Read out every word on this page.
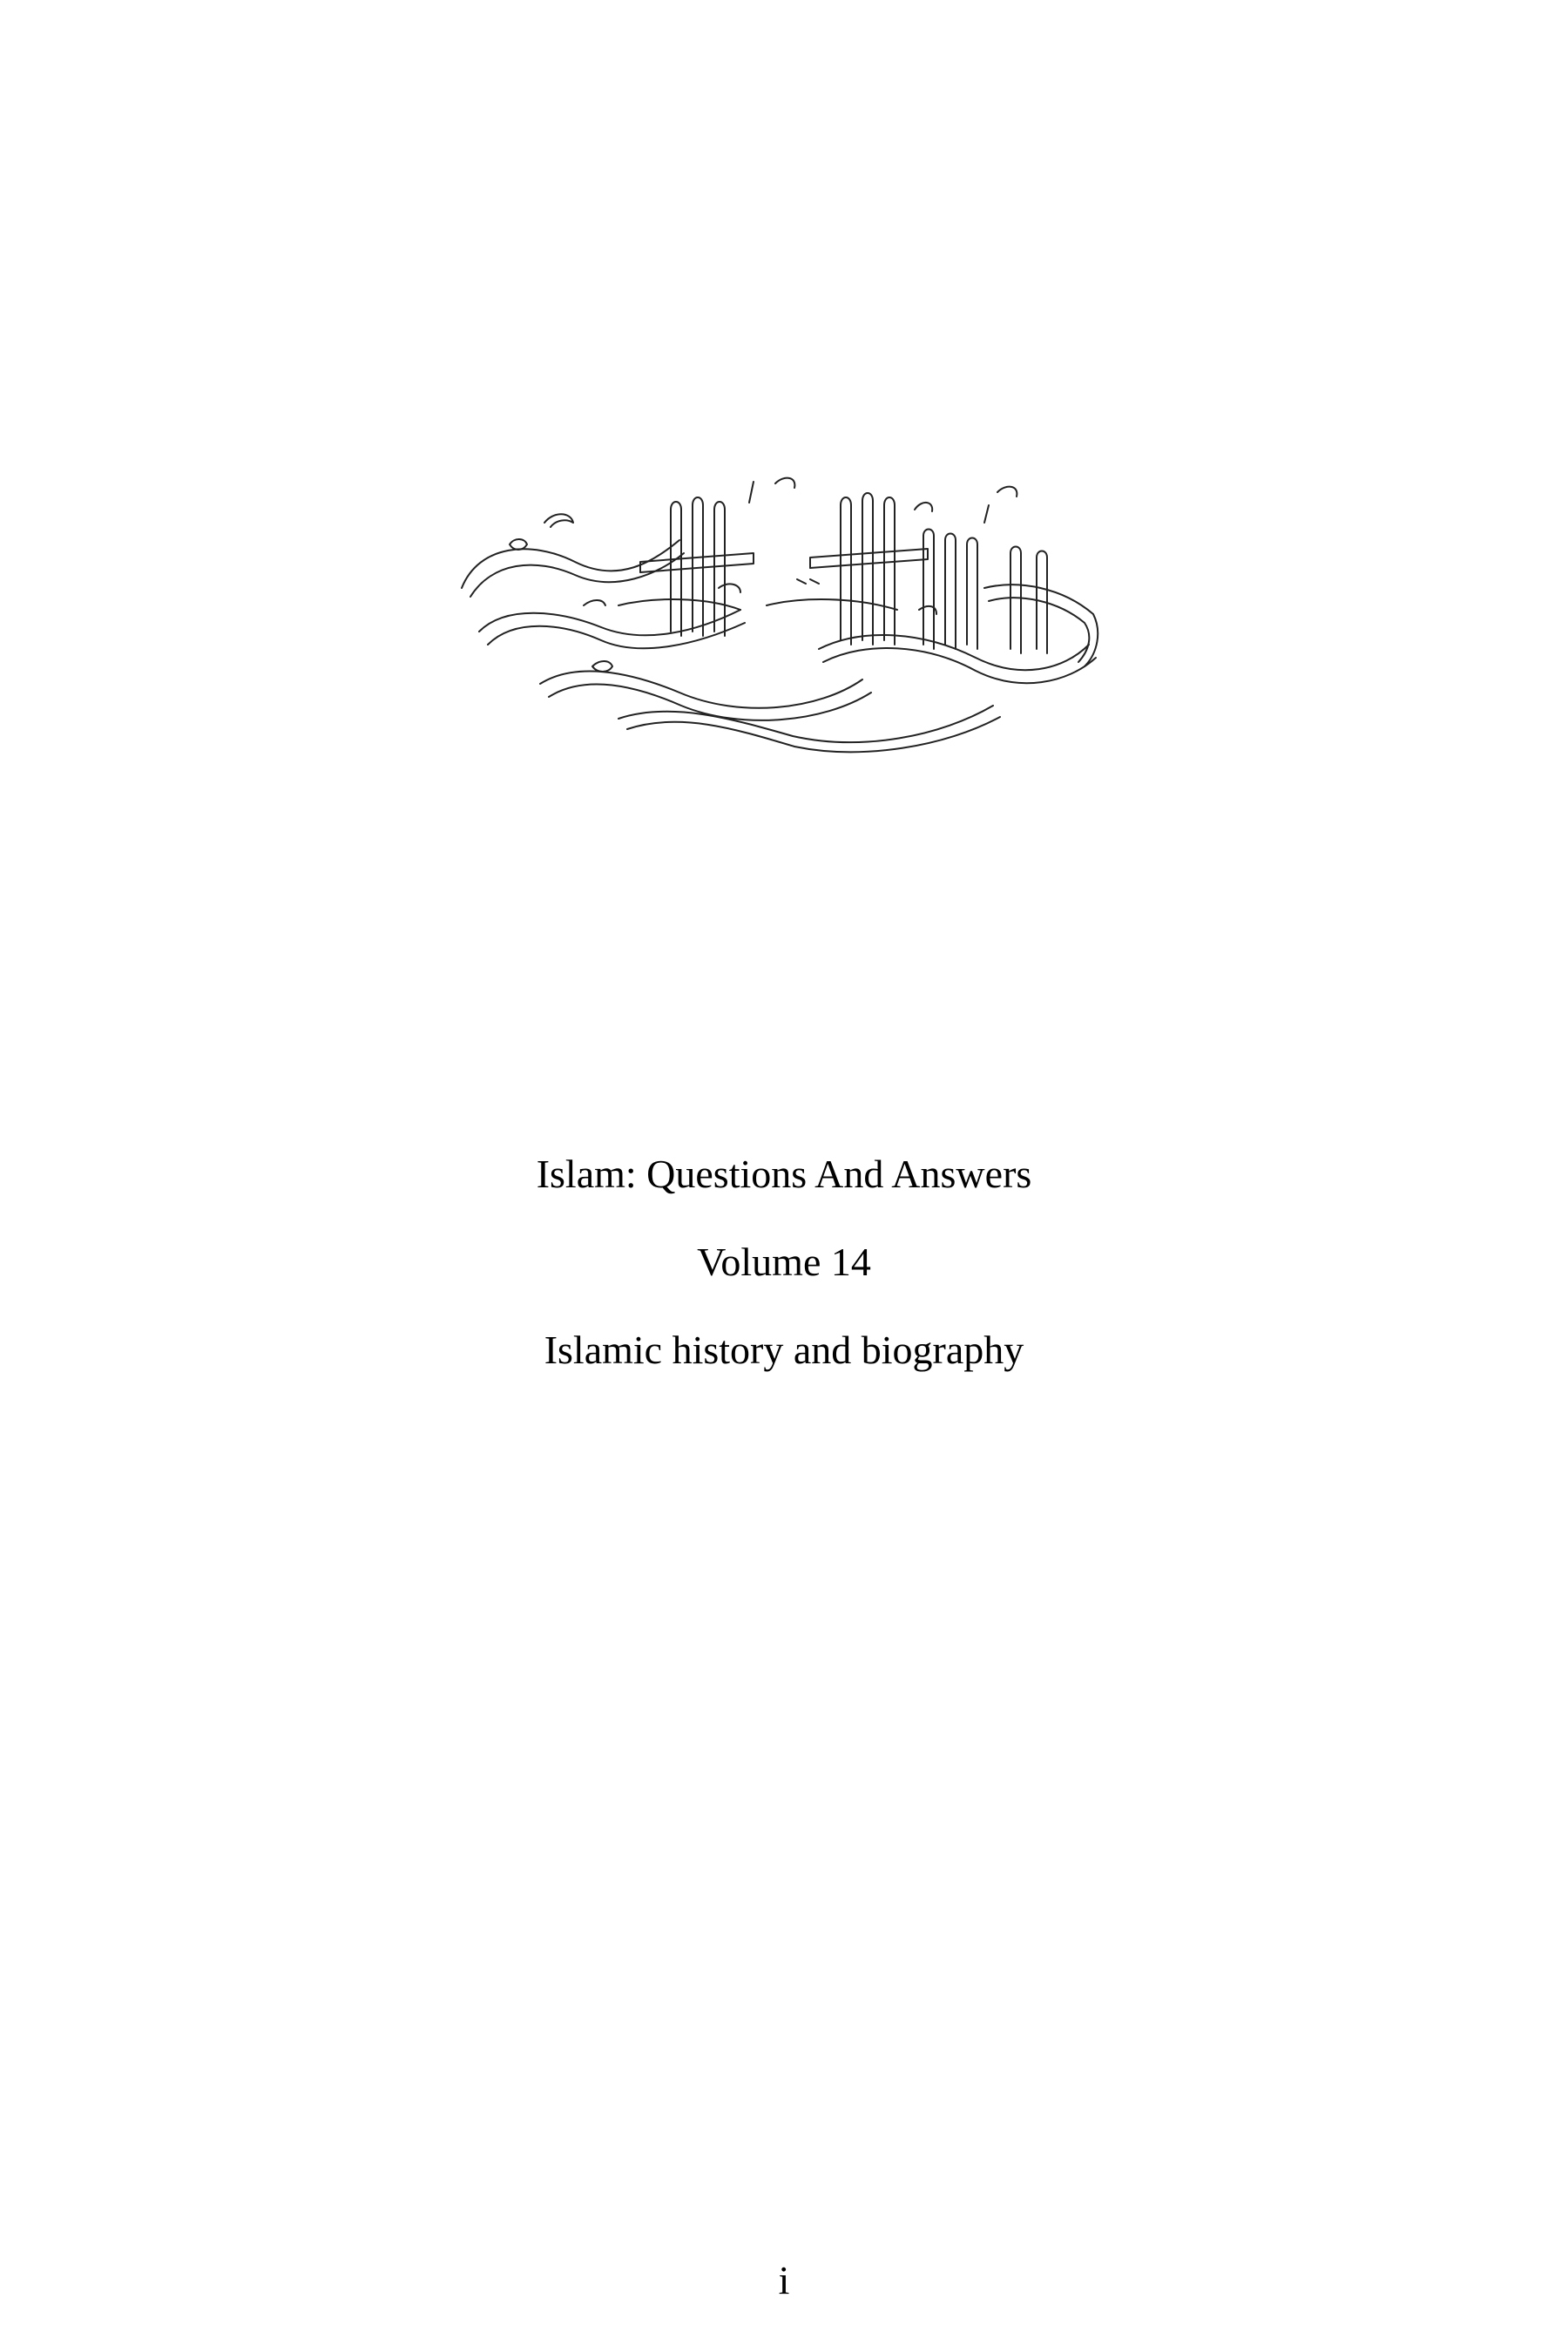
Islam: Questions And Answers
Volume 14
Islamic history and biography
i
